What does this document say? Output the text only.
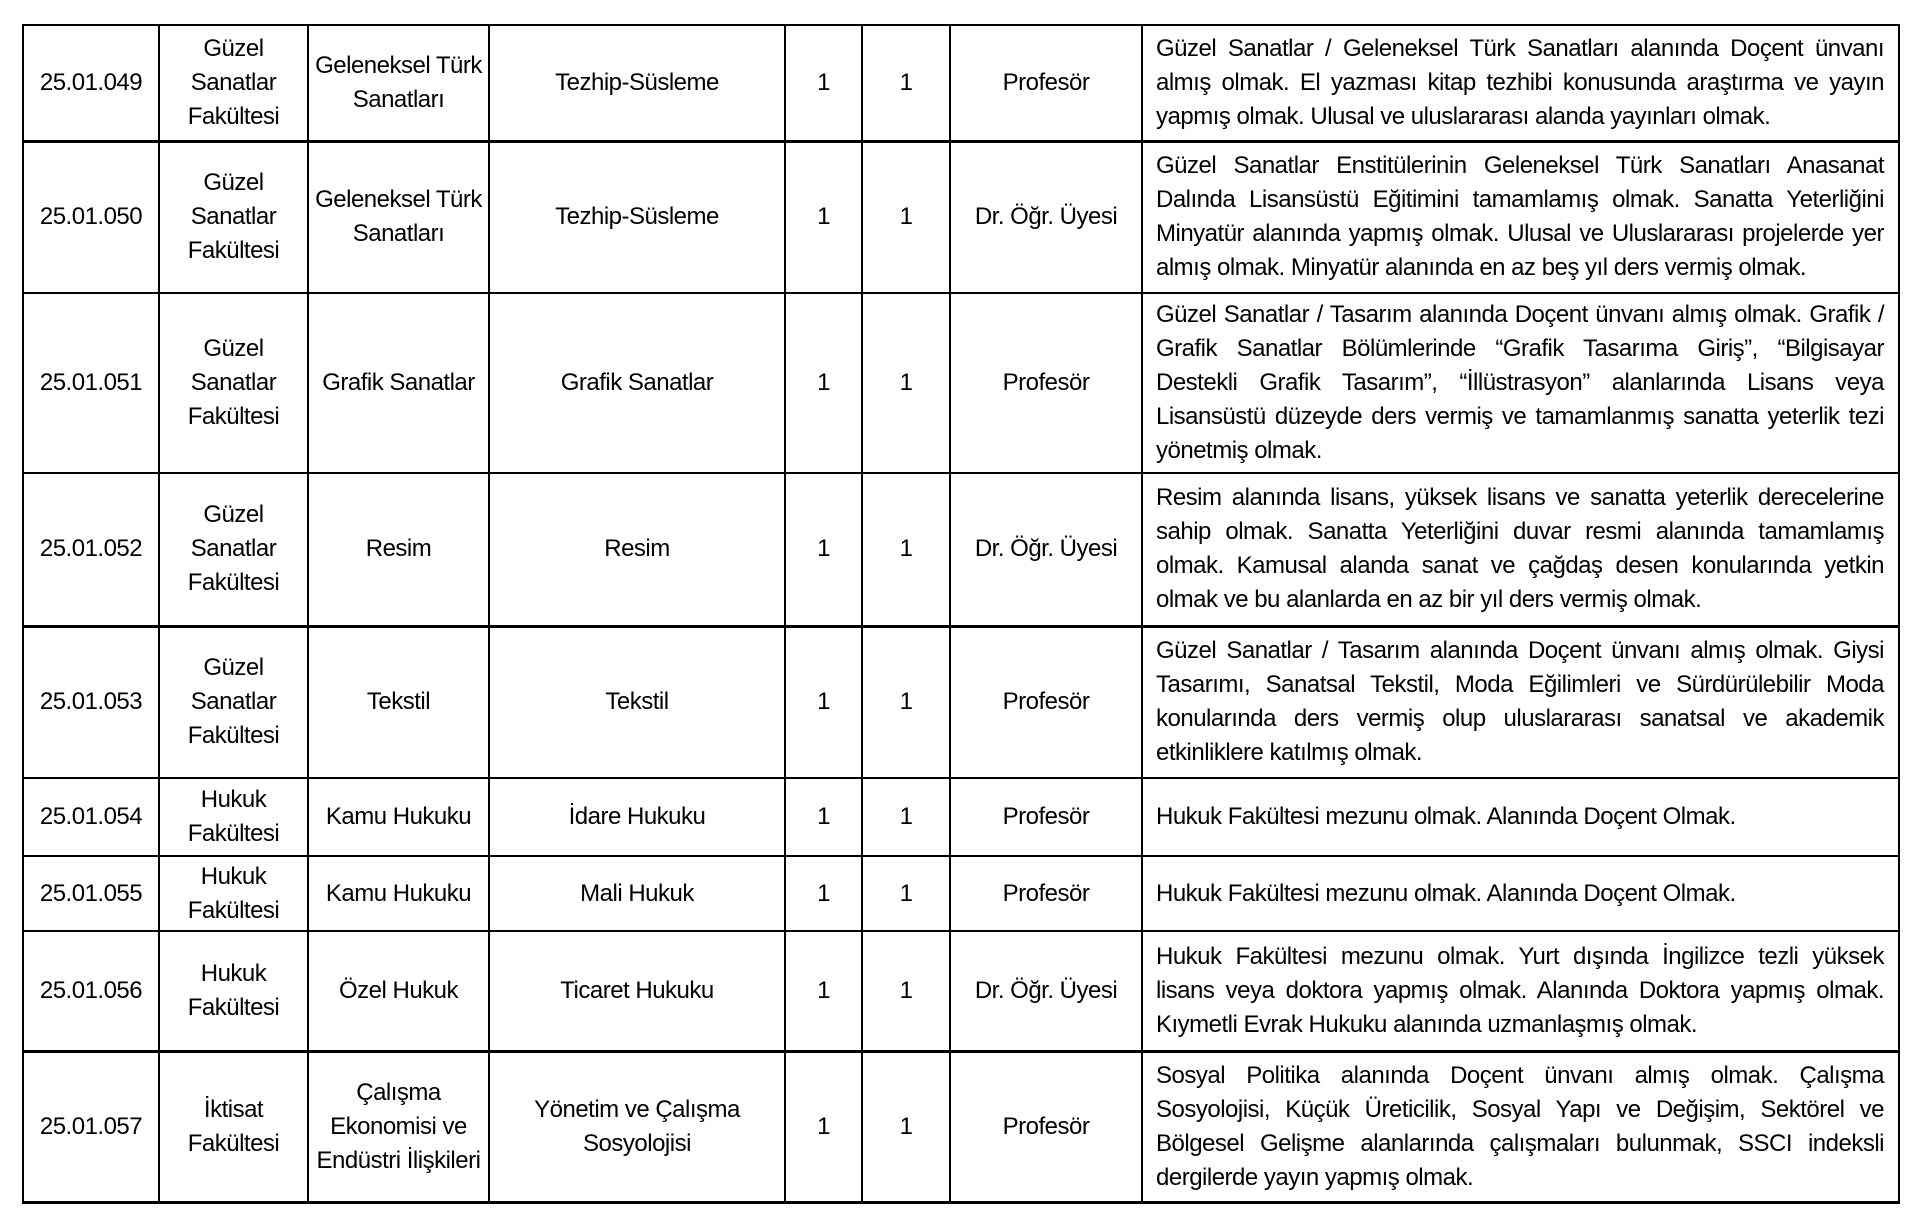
25.01.049	Güzel Sanatlar Fakültesi	Geleneksel Türk Sanatları	Tezhip-Süsleme	1	1	Profesör	Güzel Sanatlar / Geleneksel Türk Sanatları alanında Doçent ünvanı almış olmak. El yazması kitap tezhibi konusunda araştırma ve yayın yapmış olmak. Ulusal ve uluslararası alanda yayınları olmak.
25.01.050	Güzel Sanatlar Fakültesi	Geleneksel Türk Sanatları	Tezhip-Süsleme	1	1	Dr. Öğr. Üyesi	Güzel Sanatlar Enstitülerinin Geleneksel Türk Sanatları Anasanat Dalında Lisansüstü Eğitimini tamamlamış olmak. Sanatta Yeterliğini Minyatür alanında yapmış olmak. Ulusal ve Uluslararası projelerde yer almış olmak. Minyatür alanında en az beş yıl ders vermiş olmak.
25.01.051	Güzel Sanatlar Fakültesi	Grafik Sanatlar	Grafik Sanatlar	1	1	Profesör	Güzel Sanatlar / Tasarım alanında Doçent ünvanı almış olmak. Grafik / Grafik Sanatlar Bölümlerinde “Grafik Tasarıma Giriş”, “Bilgisayar Destekli Grafik Tasarım”, “İllüstrasyon” alanlarında Lisans veya Lisansüstü düzeyde ders vermiş ve tamamlanmış sanatta yeterlik tezi yönetmiş olmak.
25.01.052	Güzel Sanatlar Fakültesi	Resim	Resim	1	1	Dr. Öğr. Üyesi	Resim alanında lisans, yüksek lisans ve sanatta yeterlik derecelerine sahip olmak. Sanatta Yeterliğini duvar resmi alanında tamamlamış olmak. Kamusal alanda sanat ve çağdaş desen konularında yetkin olmak ve bu alanlarda en az bir yıl ders vermiş olmak.
25.01.053	Güzel Sanatlar Fakültesi	Tekstil	Tekstil	1	1	Profesör	Güzel Sanatlar / Tasarım alanında Doçent ünvanı almış olmak. Giysi Tasarımı, Sanatsal Tekstil, Moda Eğilimleri ve Sürdürülebilir Moda konularında ders vermiş olup uluslararası sanatsal ve akademik etkinliklere katılmış olmak.
25.01.054	Hukuk Fakültesi	Kamu Hukuku	İdare Hukuku	1	1	Profesör	Hukuk Fakültesi mezunu olmak. Alanında Doçent Olmak.
25.01.055	Hukuk Fakültesi	Kamu Hukuku	Mali Hukuk	1	1	Profesör	Hukuk Fakültesi mezunu olmak. Alanında Doçent Olmak.
25.01.056	Hukuk Fakültesi	Özel Hukuk	Ticaret Hukuku	1	1	Dr. Öğr. Üyesi	Hukuk Fakültesi mezunu olmak. Yurt dışında İngilizce tezli yüksek lisans veya doktora yapmış olmak. Alanında Doktora yapmış olmak. Kıymetli Evrak Hukuku alanında uzmanlaşmış olmak.
25.01.057	İktisat Fakültesi	Çalışma Ekonomisi ve Endüstri İlişkileri	Yönetim ve Çalışma Sosyolojisi	1	1	Profesör	Sosyal Politika alanında Doçent ünvanı almış olmak. Çalışma Sosyolojisi, Küçük Üreticilik, Sosyal Yapı ve Değişim, Sektörel ve Bölgesel Gelişme alanlarında çalışmaları bulunmak, SSCI indeksli dergilerde yayın yapmış olmak.
